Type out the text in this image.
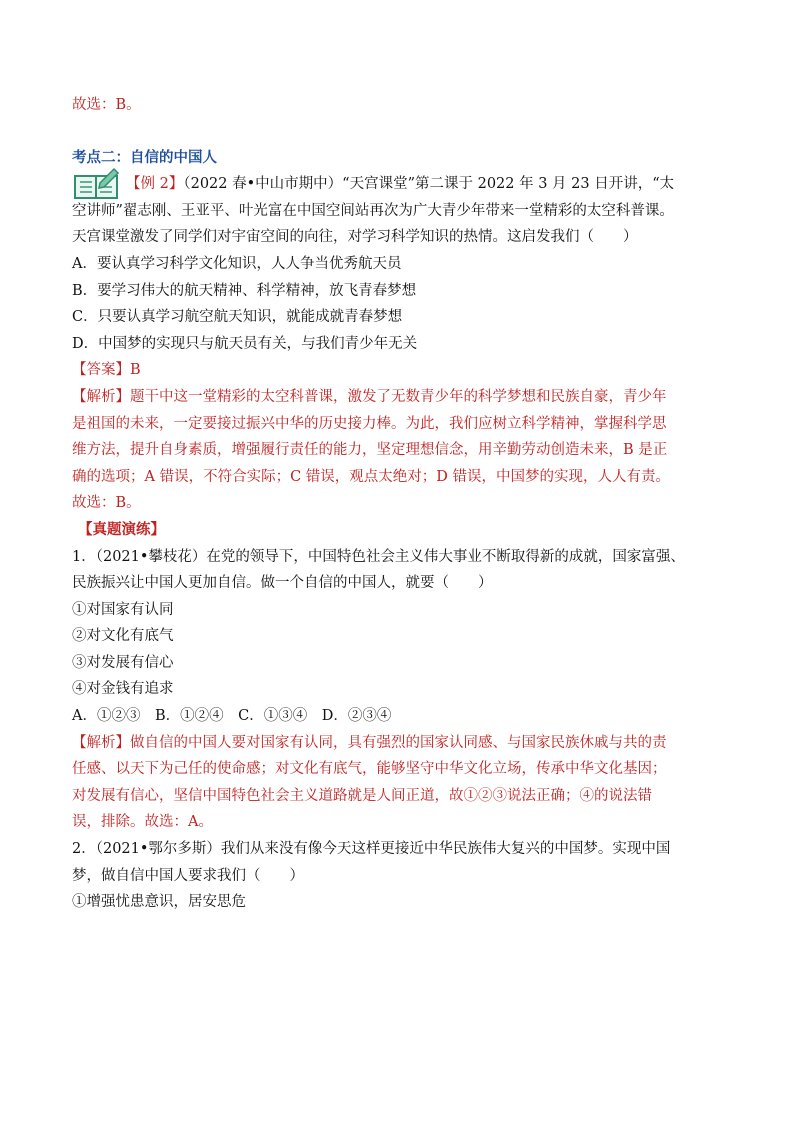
故选：B。
考点二：自信的中国人
【例 2】（2022 春•中山市期中）“天宫课堂”第二课于 2022 年 3 月 23 日开讲，“太
空讲师”翟志刚、王亚平、叶光富在中国空间站再次为广大青少年带来一堂精彩的太空科普课。
天宫课堂激发了同学们对宇宙空间的向往，对学习科学知识的热情。这启发我们（　　）
A．要认真学习科学文化知识，人人争当优秀航天员
B．要学习伟大的航天精神、科学精神，放飞青春梦想
C．只要认真学习航空航天知识，就能成就青春梦想
D．中国梦的实现只与航天员有关，与我们青少年无关
【答案】B
【解析】题干中这一堂精彩的太空科普课，激发了无数青少年的科学梦想和民族自豪，青少年
是祖国的未来，一定要接过振兴中华的历史接力棒。为此，我们应树立科学精神，掌握科学思
维方法，提升自身素质，增强履行责任的能力，坚定理想信念，用辛勤劳动创造未来，B 是正
确的选项；A 错误，不符合实际；C 错误，观点太绝对；D 错误，中国梦的实现，人人有责。
故选：B。
【真题演练】
1．（2021•攀枝花）在党的领导下，中国特色社会主义伟大事业不断取得新的成就，国家富强、
民族振兴让中国人更加自信。做一个自信的中国人，就要（　　）
①对国家有认同
②对文化有底气
③对发展有信心
④对金钱有追求
A．①②③　B．①②④　C．①③④　D．②③④
【解析】做自信的中国人要对国家有认同，具有强烈的国家认同感、与国家民族休戚与共的责
任感、以天下为己任的使命感；对文化有底气，能够坚守中华文化立场，传承中华文化基因；
对发展有信心，坚信中国特色社会主义道路就是人间正道，故①②③说法正确；④的说法错
误，排除。故选：A。
2．（2021•鄂尔多斯）我们从来没有像今天这样更接近中华民族伟大复兴的中国梦。实现中国
梦，做自信中国人要求我们（　　）
①增强忧患意识，居安思危
